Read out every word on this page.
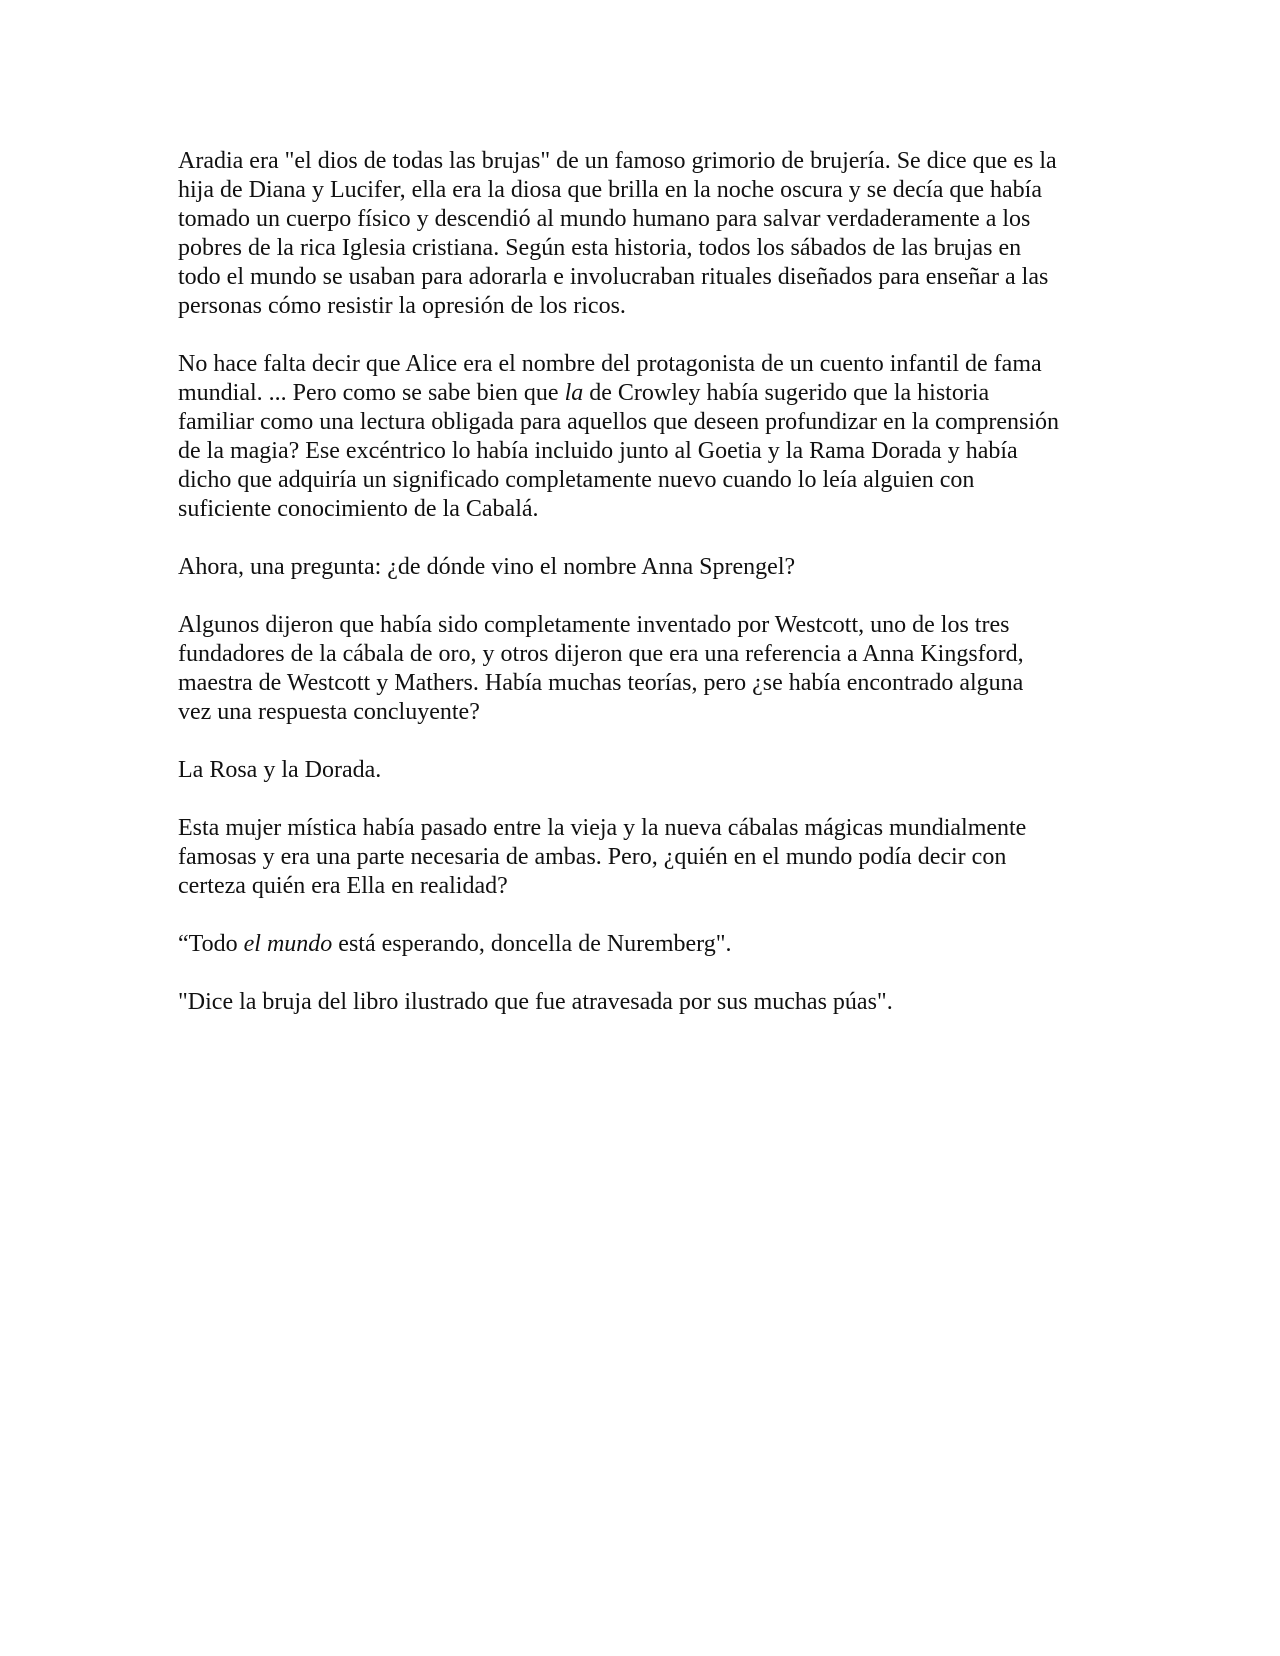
Aradia era "el dios de todas las brujas" de un famoso grimorio de brujería. Se dice que es la
hija de Diana y Lucifer, ella era la diosa que brilla en la noche oscura y se decía que había
tomado un cuerpo físico y descendió al mundo humano para salvar verdaderamente a los
pobres de la rica Iglesia cristiana. Según esta historia, todos los sábados de las brujas en
todo el mundo se usaban para adorarla e involucraban rituales diseñados para enseñar a las
personas cómo resistir la opresión de los ricos.

No hace falta decir que Alice era el nombre del protagonista de un cuento infantil de fama
mundial. ... Pero como se sabe bien que la de Crowley había sugerido que la historia
familiar como una lectura obligada para aquellos que deseen profundizar en la comprensión
de la magia? Ese excéntrico lo había incluido junto al Goetia y la Rama Dorada y había
dicho que adquiría un significado completamente nuevo cuando lo leía alguien con
suficiente conocimiento de la Cabalá.

Ahora, una pregunta: ¿de dónde vino el nombre Anna Sprengel?

Algunos dijeron que había sido completamente inventado por Westcott, uno de los tres
fundadores de la cábala de oro, y otros dijeron que era una referencia a Anna Kingsford,
maestra de Westcott y Mathers. Había muchas teorías, pero ¿se había encontrado alguna
vez una respuesta concluyente?

La Rosa y la Dorada.

Esta mujer mística había pasado entre la vieja y la nueva cábalas mágicas mundialmente
famosas y era una parte necesaria de ambas. Pero, ¿quién en el mundo podía decir con
certeza quién era Ella en realidad?

“Todo el mundo está esperando, doncella de Nuremberg".

"Dice la bruja del libro ilustrado que fue atravesada por sus muchas púas".
